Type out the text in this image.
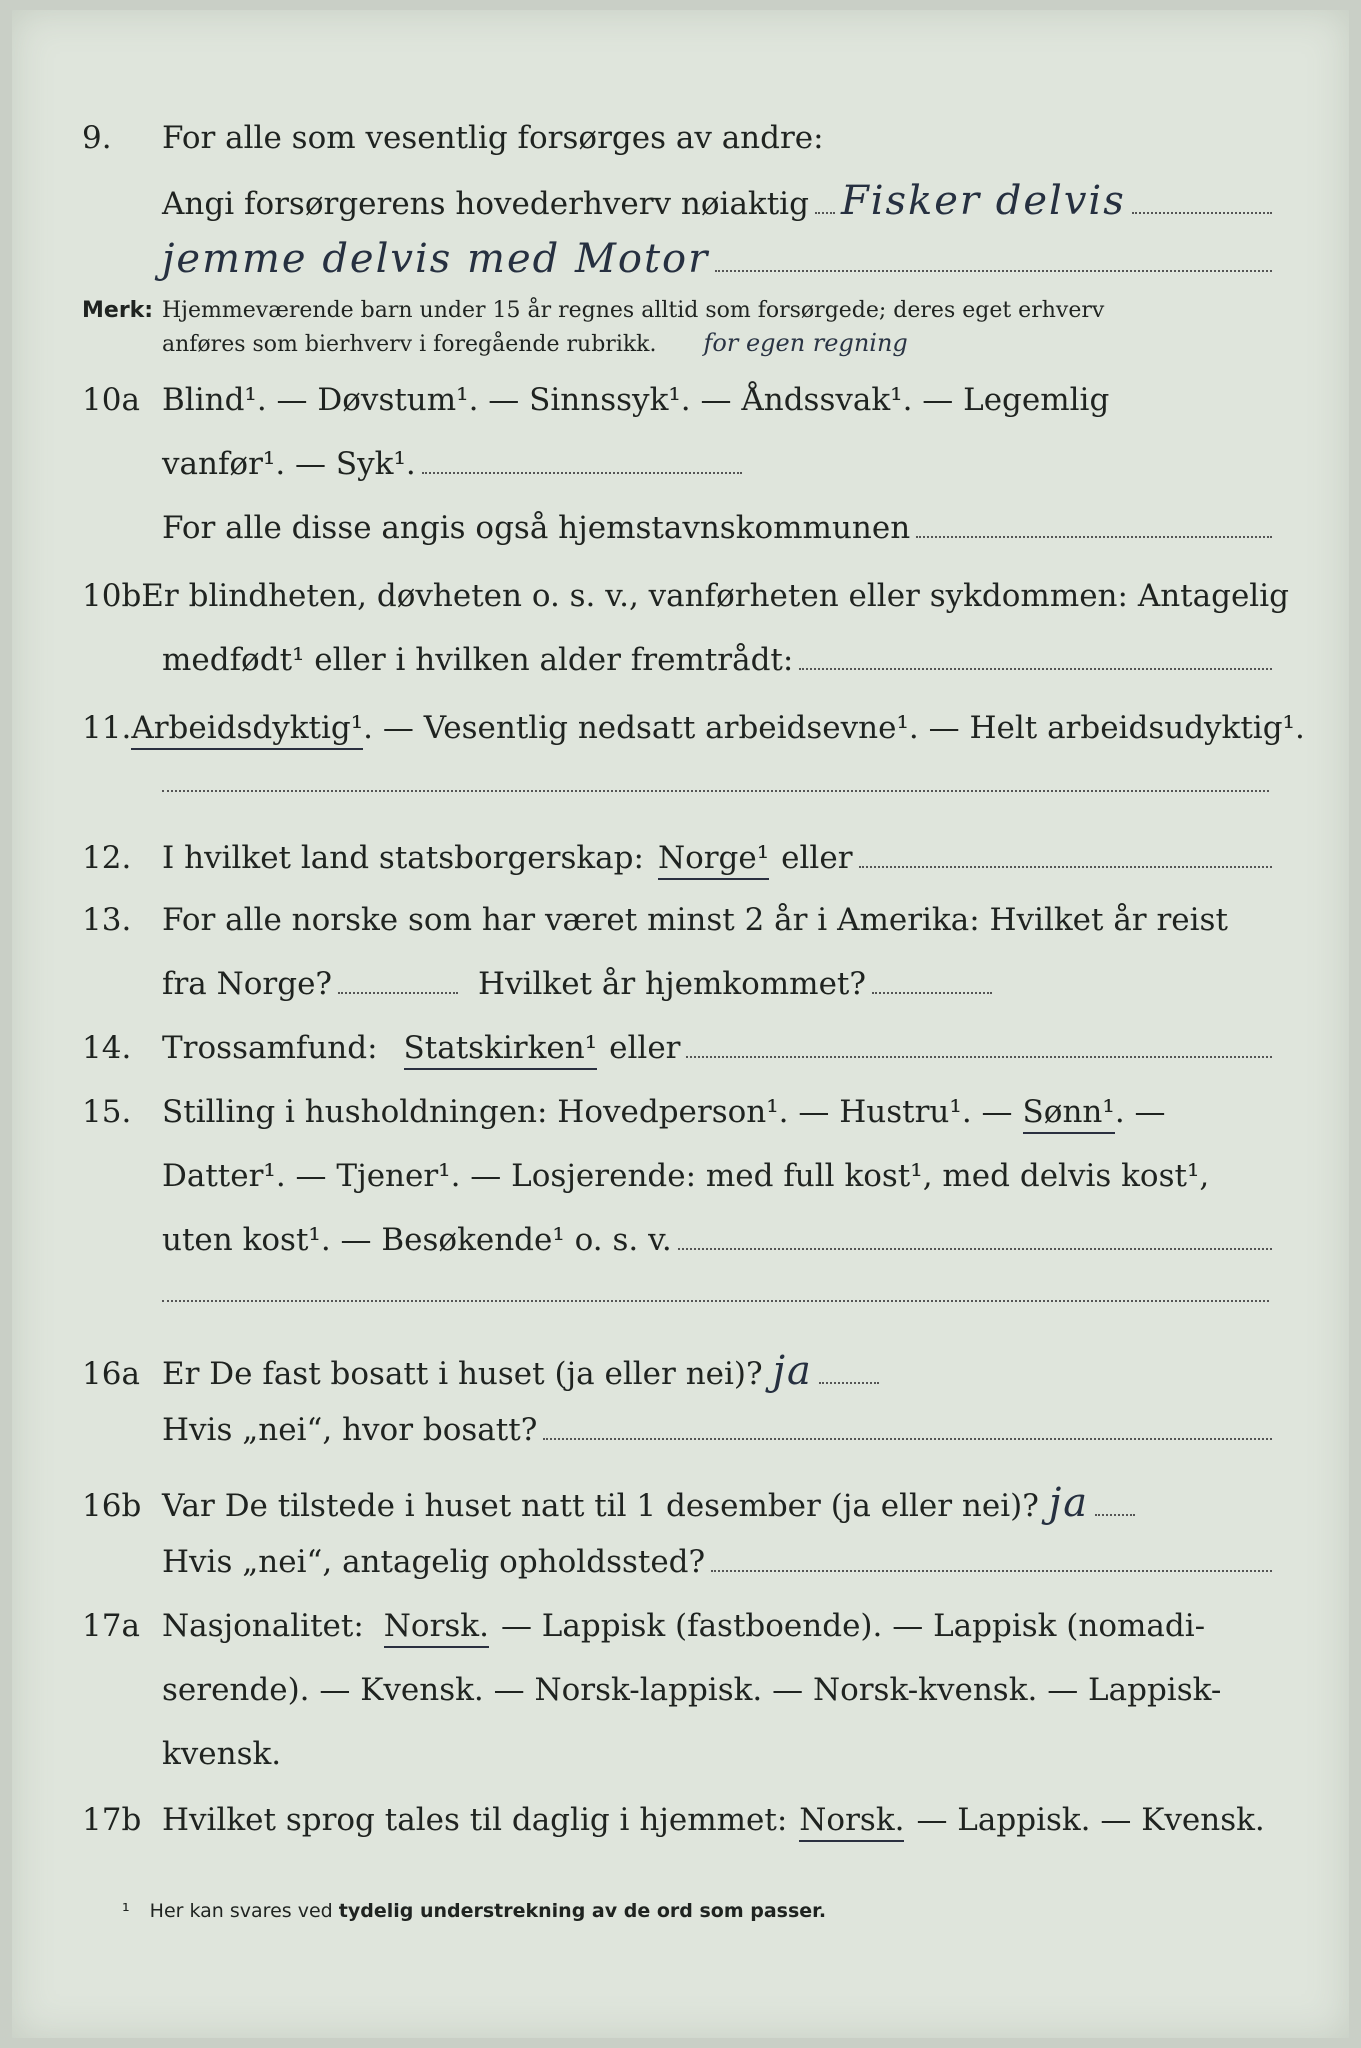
9.	For alle som vesentlig forsørges av andre:
Angi forsørgerens hovederhverv nøiaktig Fisker delvis
jemme delvis med Motor
Merk: Hjemmeværende barn under 15 år regnes alltid som forsørgede; deres eget erhverv
anføres som bierhverv i foregående rubrikk. for egen regning
10a Blind¹. — Døvstum¹. — Sinnssyk¹. — Åndssvak¹. — Legemlig
vanfør¹. — Syk¹.
For alle disse angis også hjemstavnskommunen
10b Er blindheten, døvheten o. s. v., vanførheten eller sykdommen: Antagelig
medfødt¹ eller i hvilken alder fremtrådt:
11. Arbeidsdyktig¹ . — Vesentlig nedsatt arbeidsevne¹. — Helt arbeidsudyktig¹.
12. I hvilket land statsborgerskap: Norge¹ eller
13. For alle norske som har været minst 2 år i Amerika: Hvilket år reist
fra Norge?	Hvilket år hjemkommet?
14. Trossamfund: Statskirken¹ eller
15. Stilling i husholdningen: Hovedperson¹. — Hustru¹. — Sønn¹ . —
Datter¹. — Tjener¹. — Losjerende: med full kost¹, med delvis kost¹,
uten kost¹. — Besøkende¹ o. s. v.
16a Er De fast bosatt i huset (ja eller nei)? ja
Hvis „nei“, hvor bosatt?
16b Var De tilstede i huset natt til 1 desember (ja eller nei)? ja
Hvis „nei“, antagelig opholdssted?
17a Nasjonalitet: Norsk. — Lappisk (fastboende). — Lappisk (nomadi-
serende). — Kvensk. — Norsk-lappisk. — Norsk-kvensk. — Lappisk-
kvensk.
17b Hvilket sprog tales til daglig i hjemmet: Norsk. — Lappisk. — Kvensk.
¹ Her kan svares ved tydelig understrekning av de ord som passer.
